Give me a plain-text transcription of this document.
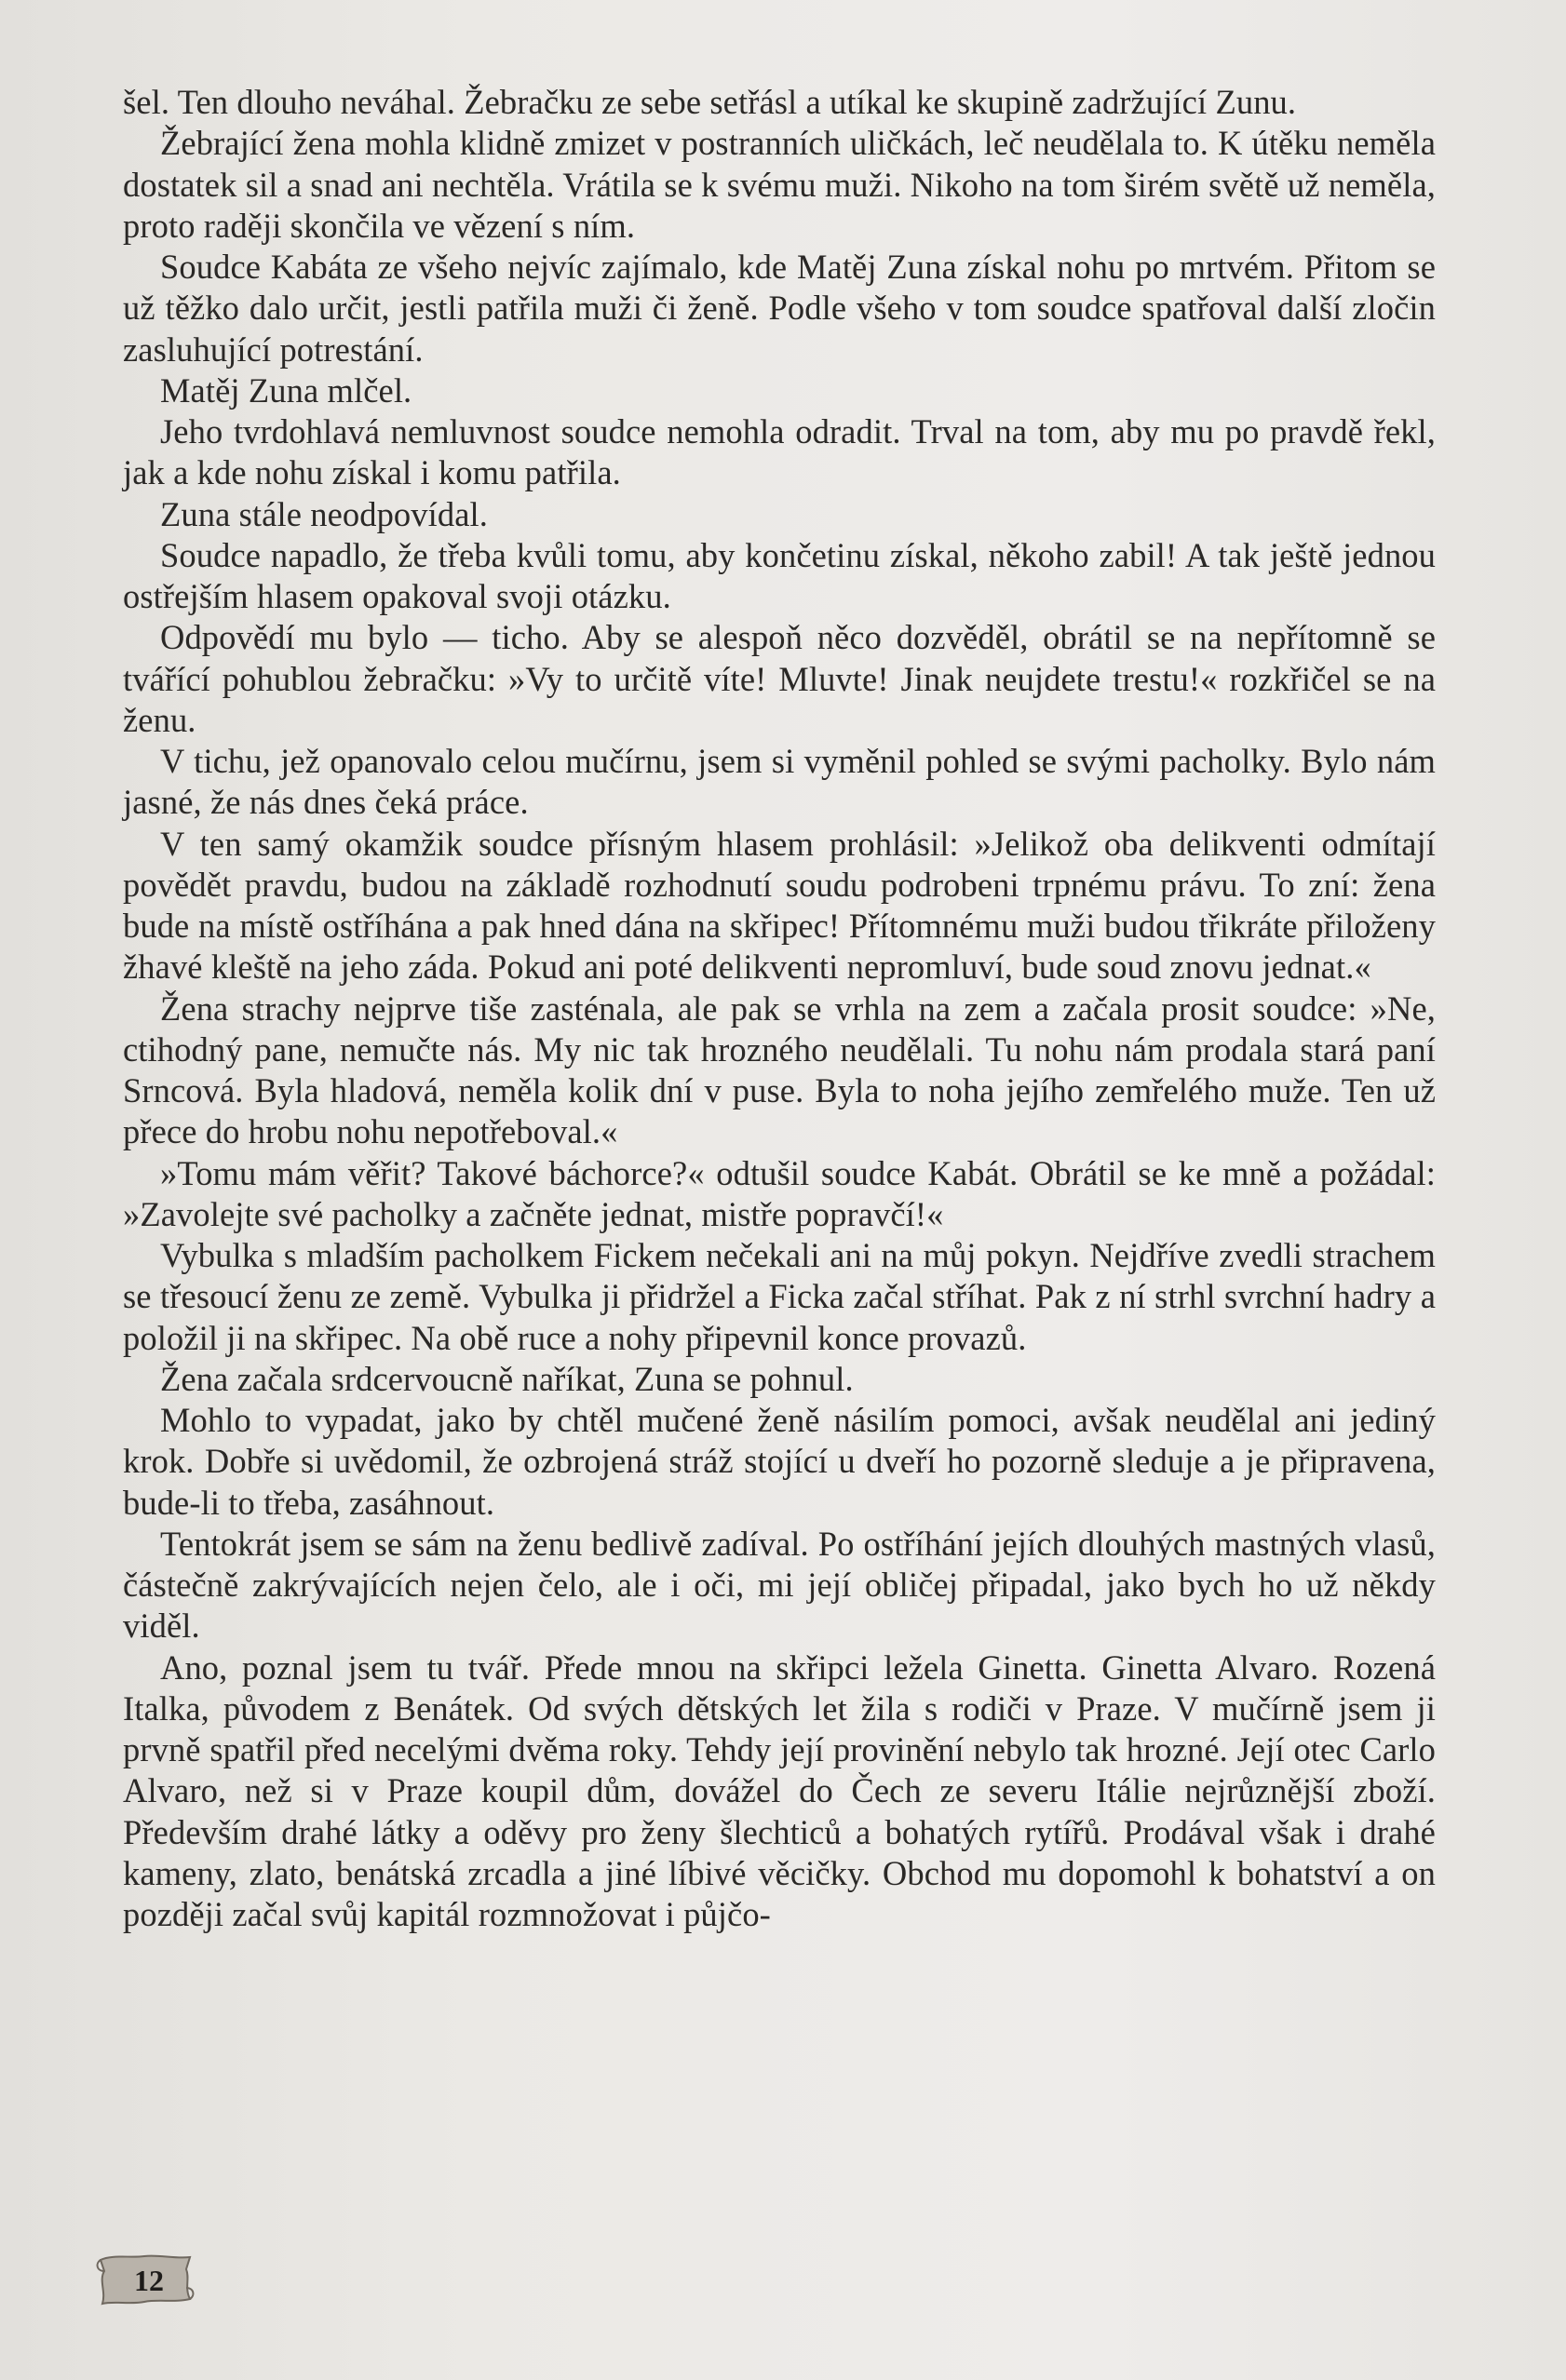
šel. Ten dlouho neváhal. Žebračku ze sebe setřásl a utíkal ke skupině zadržující Zunu.

Žebrající žena mohla klidně zmizet v postranních uličkách, leč neudělala to. K útěku neměla dostatek sil a snad ani nechtěla. Vrátila se k svému muži. Nikoho na tom širém světě už neměla, proto raději skončila ve vězení s ním.

Soudce Kabáta ze všeho nejvíc zajímalo, kde Matěj Zuna získal nohu po mrtvém. Přitom se už těžko dalo určit, jestli patřila muži či ženě. Podle všeho v tom soudce spatřoval další zločin zasluhující potrestání.

Matěj Zuna mlčel.

Jeho tvrdohlavá nemluvnost soudce nemohla odradit. Trval na tom, aby mu po pravdě řekl, jak a kde nohu získal i komu patřila.

Zuna stále neodpovídal.

Soudce napadlo, že třeba kvůli tomu, aby končetinu získal, někoho zabil! A tak ještě jednou ostřejším hlasem opakoval svoji otázku.

Odpovědí mu bylo — ticho. Aby se alespoň něco dozvěděl, obrátil se na nepřítomně se tvářící pohublou žebračku: »Vy to určitě víte! Mluvte! Jinak neujdete trestu!« rozkřičel se na ženu.

V tichu, jež opanovalo celou mučírnu, jsem si vyměnil pohled se svými pacholky. Bylo nám jasné, že nás dnes čeká práce.

V ten samý okamžik soudce přísným hlasem prohlásil: »Jelikož oba delikventi odmítají povědět pravdu, budou na základě rozhodnutí soudu podrobeni trpnému právu. To zní: žena bude na místě ostříhána a pak hned dána na skřipec! Přítomnému muži budou třikráte přiloženy žhavé kleště na jeho záda. Pokud ani poté delikventi nepromluví, bude soud znovu jednat.«

Žena strachy nejprve tiše zasténala, ale pak se vrhla na zem a začala prosit soudce: »Ne, ctihodný pane, nemučte nás. My nic tak hrozného neudělali. Tu nohu nám prodala stará paní Srncová. Byla hladová, neměla kolik dní v puse. Byla to noha jejího zemřelého muže. Ten už přece do hrobu nohu nepotřeboval.«

»Tomu mám věřit? Takové báchorce?« odtušil soudce Kabát. Obrátil se ke mně a požádal: »Zavolejte své pacholky a začněte jednat, mistře popravčí!«

Vybulka s mladším pacholkem Fickem nečekali ani na můj pokyn. Nejdříve zvedli strachem se třesoucí ženu ze země. Vybulka ji přidržel a Ficka začal stříhat. Pak z ní strhl svrchní hadry a položil ji na skřipec. Na obě ruce a nohy připevnil konce provazů.

Žena začala srdcervoucně naříkat, Zuna se pohnul.

Mohlo to vypadat, jako by chtěl mučené ženě násilím pomoci, avšak neudělal ani jediný krok. Dobře si uvědomil, že ozbrojená stráž stojící u dveří ho pozorně sleduje a je připravena, bude-li to třeba, zasáhnout.

Tentokrát jsem se sám na ženu bedlivě zadíval. Po ostříhání jejích dlouhých mastných vlasů, částečně zakrývajících nejen čelo, ale i oči, mi její obličej připadal, jako bych ho už někdy viděl.

Ano, poznal jsem tu tvář. Přede mnou na skřipci ležela Ginetta. Ginetta Alvaro. Rozená Italka, původem z Benátek. Od svých dětských let žila s rodiči v Praze. V mučírně jsem ji prvně spatřil před necelými dvěma roky. Tehdy její provinění nebylo tak hrozné. Její otec Carlo Alvaro, než si v Praze koupil dům, dovážel do Čech ze severu Itálie nejrůznější zboží. Především drahé látky a oděvy pro ženy šlechticů a bohatých rytířů. Prodával však i drahé kameny, zlato, benátská zrcadla a jiné líbivé věcičky. Obchod mu dopomohl k bohatství a on později začal svůj kapitál rozmnožovat i půjčo-

12
